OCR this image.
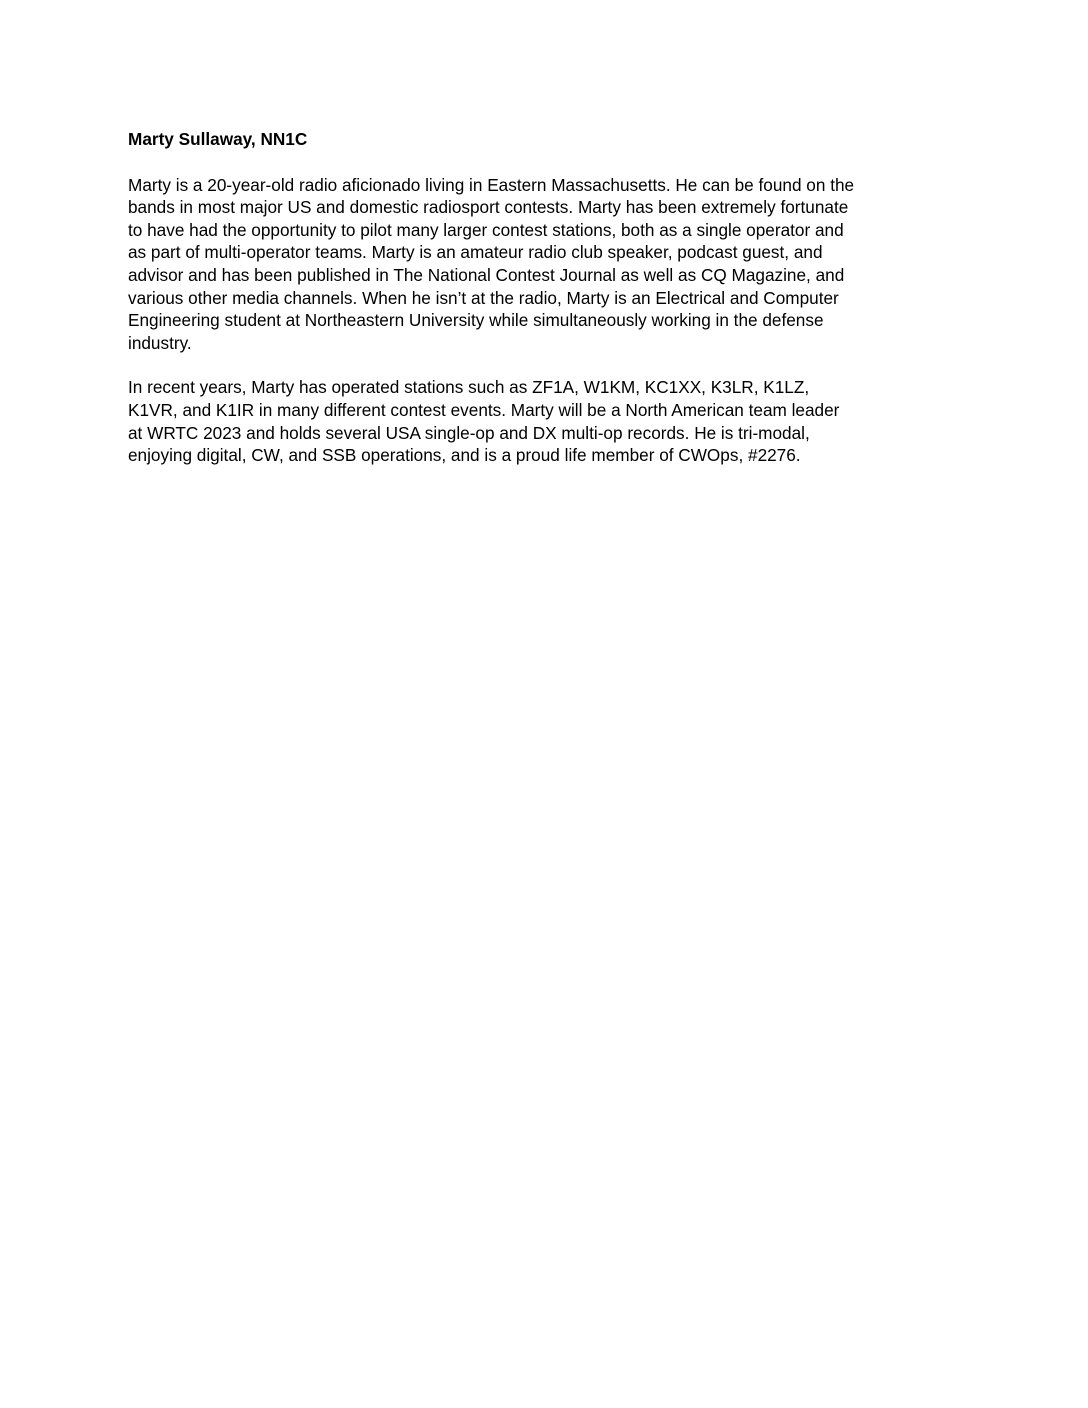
Marty Sullaway, NN1C
Marty is a 20-year-old radio aficionado living in Eastern Massachusetts. He can be found on the
bands in most major US and domestic radiosport contests. Marty has been extremely fortunate
to have had the opportunity to pilot many larger contest stations, both as a single operator and
as part of multi-operator teams. Marty is an amateur radio club speaker, podcast guest, and
advisor and has been published in The National Contest Journal as well as CQ Magazine, and
various other media channels. When he isn’t at the radio, Marty is an Electrical and Computer
Engineering student at Northeastern University while simultaneously working in the defense
industry.
In recent years, Marty has operated stations such as ZF1A, W1KM, KC1XX, K3LR, K1LZ,
K1VR, and K1IR in many different contest events. Marty will be a North American team leader
at WRTC 2023 and holds several USA single-op and DX multi-op records. He is tri-modal,
enjoying digital, CW, and SSB operations, and is a proud life member of CWOps, #2276.
